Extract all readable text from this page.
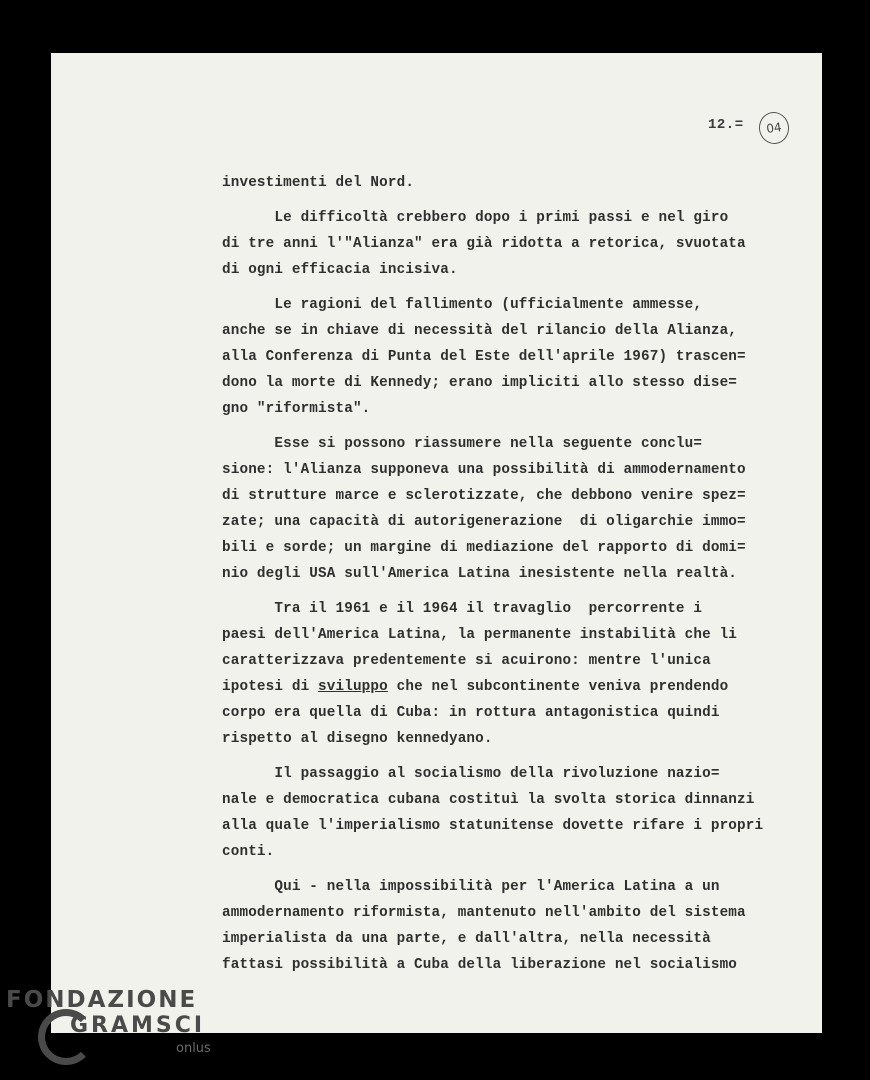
12.=	04
investimenti del Nord.
Le difficoltà crebbero dopo i primi passi e nel giro
di tre anni l'"Alianza" era già ridotta a retorica, svuotata
di ogni efficacia incisiva.
Le ragioni del fallimento (ufficialmente ammesse,
anche se in chiave di necessità del rilancio della Alianza,
alla Conferenza di Punta del Este dell'aprile 1967) trascen=
dono la morte di Kennedy; erano impliciti allo stesso dise=
gno "riformista".
Esse si possono riassumere nella seguente conclu=
sione: l'Alianza supponeva una possibilità di ammodernamento
di strutture marce e sclerotizzate, che debbono venire spez=
zate; una capacità di autorigenerazione  di oligarchie immo=
bili e sorde; un margine di mediazione del rapporto di domi=
nio degli USA sull'America Latina inesistente nella realtà.
Tra il 1961 e il 1964 il travaglio  percorrente i
paesi dell'America Latina, la permanente instabilità che li
caratterizzava predentemente si acuirono: mentre l'unica
ipotesi di sviluppo che nel subcontinente veniva prendendo
corpo era quella di Cuba: in rottura antagonistica quindi
rispetto al disegno kennedyano.
Il passaggio al socialismo della rivoluzione nazio=
nale e democratica cubana costituì la svolta storica dinnanzi
alla quale l'imperialismo statunitense dovette rifare i propri
conti.
Qui - nella impossibilità per l'America Latina a un
ammodernamento riformista, mantenuto nell'ambito del sistema
imperialista da una parte, e dall'altra, nella necessità
fattasi possibilità a Cuba della liberazione nel socialismo
FONDAZIONE
GRAMSCI
onlus
